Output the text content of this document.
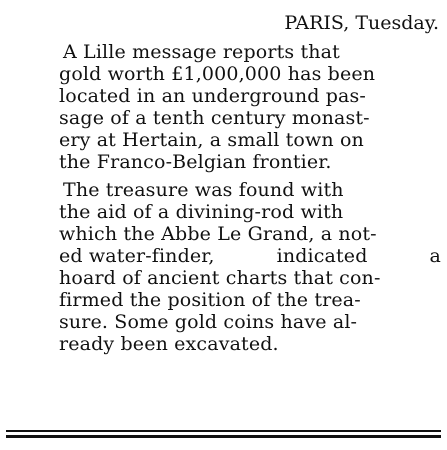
PARIS, Tuesday.
A Lille message reports that
gold worth £1,000,000 has been
located in an underground pas-
sage of a tenth century monast-
ery at Hertain, a small town on
the Franco-Belgian frontier.
The treasure was found with
the aid of a divining-rod with
which the Abbe Le Grand, a not-
ed water-finder,	indicated	a
hoard of ancient charts that con-
firmed the position of the trea-
sure. Some gold coins have al-
ready been excavated.
